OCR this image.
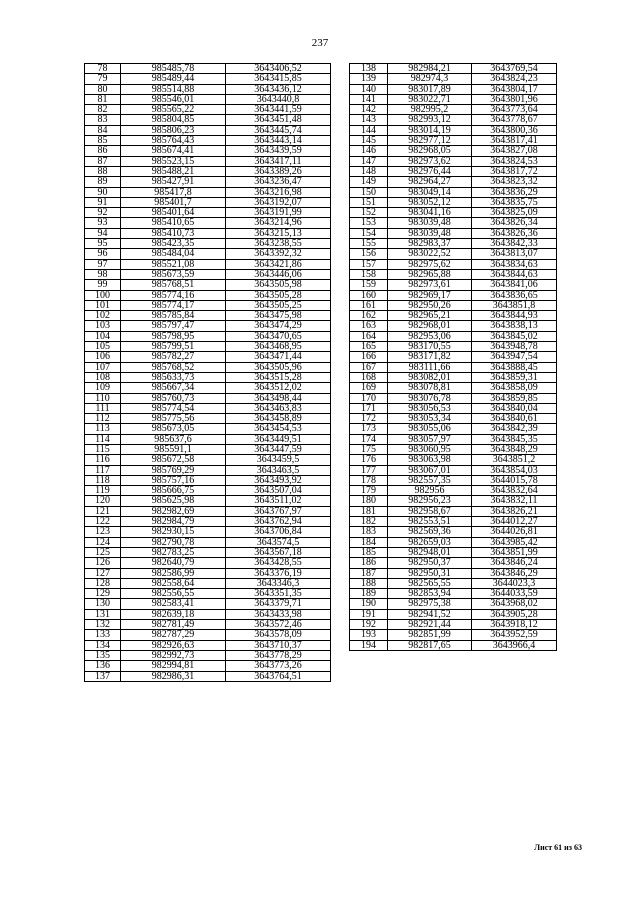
237
78	985485,78	3643406,52
79	985489,44	3643415,85
80	985514,88	3643436,12
81	985546,01	3643440,8
82	985565,22	3643441,59
83	985804,85	3643451,48
84	985806,23	3643445,74
85	985764,43	3643443,14
86	985674,41	3643439,59
87	985523,15	3643417,11
88	985488,21	3643389,26
89	985427,91	3643236,47
90	985417,8	3643216,98
91	985401,7	3643192,07
92	985401,64	3643191,99
93	985410,65	3643214,96
94	985410,73	3643215,13
95	985423,35	3643238,55
96	985484,04	3643392,32
97	985521,08	3643421,86
98	985673,59	3643446,06
99	985768,51	3643505,98
100	985774,16	3643505,28
101	985774,17	3643505,25
102	985785,84	3643475,98
103	985797,47	3643474,29
104	985798,95	3643470,65
105	985799,51	3643468,95
106	985782,27	3643471,44
107	985768,52	3643505,96
108	985633,73	3643515,28
109	985667,34	3643512,02
110	985760,73	3643498,44
111	985774,54	3643463,83
112	985775,56	3643458,89
113	985673,05	3643454,53
114	985637,6	3643449,51
115	985591,1	3643447,59
116	985672,58	3643459,5
117	985769,29	3643463,5
118	985757,16	3643493,92
119	985666,75	3643507,04
120	985625,98	3643511,02
121	982982,69	3643767,97
122	982984,79	3643762,94
123	982930,15	3643706,84
124	982790,78	3643574,5
125	982783,25	3643567,18
126	982640,79	3643428,55
127	982586,99	3643376,19
128	982558,64	3643346,3
129	982556,55	3643351,35
130	982583,41	3643379,71
131	982639,18	3643433,98
132	982781,49	3643572,46
133	982787,29	3643578,09
134	982926,63	3643710,37
135	982992,73	3643778,29
136	982994,81	3643773,26
137	982986,31	3643764,51
138	982984,21	3643769,54
139	982974,3	3643824,23
140	983017,89	3643804,17
141	983022,71	3643801,96
142	982995,2	3643773,64
143	982993,12	3643778,67
144	983014,19	3643800,36
145	982977,12	3643817,41
146	982968,05	3643827,08
147	982973,62	3643824,53
148	982976,44	3643817,72
149	982964,27	3643823,32
150	983049,14	3643836,29
151	983052,12	3643835,75
152	983041,16	3643825,09
153	983039,48	3643826,34
154	983039,48	3643826,36
155	982983,37	3643842,33
156	983022,52	3643813,07
157	982975,62	3643834,63
158	982965,88	3643844,63
159	982973,61	3643841,06
160	982969,17	3643836,65
161	982950,26	3643851,8
162	982965,21	3643844,93
163	982968,01	3643838,13
164	982953,06	3643845,02
165	983170,55	3643948,78
166	983171,82	3643947,54
167	983111,66	3643888,45
168	983082,01	3643859,31
169	983078,81	3643858,09
170	983076,78	3643859,85
171	983056,53	3643840,04
172	983053,34	3643840,61
173	983055,06	3643842,39
174	983057,97	3643845,35
175	983060,95	3643848,29
176	983063,98	3643851,2
177	983067,01	3643854,03
178	982557,35	3644015,78
179	982956	3643832,64
180	982956,23	3643832,11
181	982958,67	3643826,21
182	982553,51	3644012,27
183	982569,36	3644026,81
184	982659,03	3643985,42
185	982948,01	3643851,99
186	982950,37	3643846,24
187	982950,31	3643846,29
188	982565,55	3644023,3
189	982853,94	3644033,59
190	982975,38	3643968,02
191	982941,52	3643905,28
192	982921,44	3643918,12
193	982851,99	3643952,59
194	982817,65	3643966,4
Лист 61 из 63
